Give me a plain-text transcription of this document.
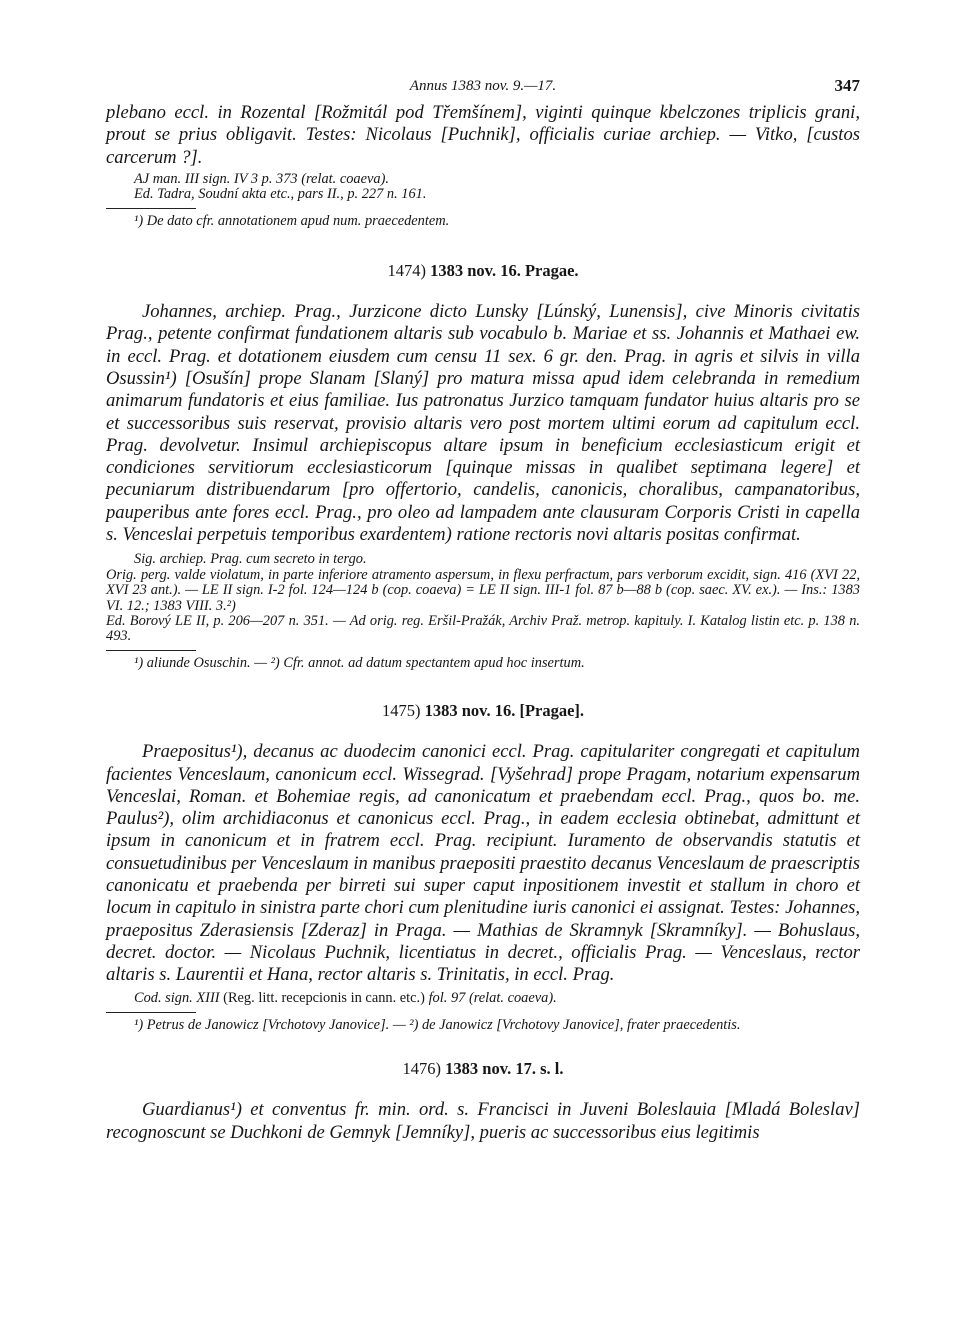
Annus 1383 nov. 9.—17.	347

plebano eccl. in Rozental [Rožmitál pod Třemšínem], viginti quinque kbelczones triplicis grani, prout se prius obligavit. Testes: Nicolaus [Puchnik], officialis curiae archiep. — Vitko, [custos carcerum ?].

AJ man. III sign. IV 3 p. 373 (relat. coaeva).

Ed. Tadra, Soudní akta etc., pars II., p. 227 n. 161.

¹) De dato cfr. annotationem apud num. praecedentem.

1474) 1383 nov. 16. Pragae.

Johannes, archiep. Prag., Jurzicone dicto Lunsky [Lúnský, Lunensis], cive Minoris civitatis Prag., petente confirmat fundationem altaris sub vocabulo b. Mariae et ss. Johannis et Mathaei ew. in eccl. Prag. et dotationem eiusdem cum censu 11 sex. 6 gr. den. Prag. in agris et silvis in villa Osussin¹) [Osušín] prope Slanam [Slaný] pro matura missa apud idem celebranda in remedium animarum fundatoris et eius familiae. Ius patronatus Jurzico tamquam fundator huius altaris pro se et successoribus suis reservat, provisio altaris vero post mortem ultimi eorum ad capitulum eccl. Prag. devolvetur. Insimul archiepiscopus altare ipsum in beneficium ecclesiasticum erigit et condiciones servitiorum ecclesiasticorum [quinque missas in qualibet septimana legere] et pecuniarum distribuendarum [pro offertorio, candelis, canonicis, choralibus, campanatoribus, pauperibus ante fores eccl. Prag., pro oleo ad lampadem ante clausuram Corporis Cristi in capella s. Venceslai perpetuis temporibus exardentem) ratione rectoris novi altaris positas confirmat.

Sig. archiep. Prag. cum secreto in tergo.

Orig. perg. valde violatum, in parte inferiore atramento aspersum, in flexu perfractum, pars verborum excidit, sign. 416 (XVI 22, XVI 23 ant.). — LE II sign. I-2 fol. 124—124 b (cop. coaeva) = LE II sign. III-1 fol. 87 b—88 b (cop. saec. XV. ex.). — Ins.: 1383 VI. 12.; 1383 VIII. 3.²)

Ed. Borový LE II, p. 206—207 n. 351. — Ad orig. reg. Eršil-Pražák, Archiv Praž. metrop. kapituly. I. Katalog listin etc. p. 138 n. 493.

¹) aliunde Osuschin. — ²) Cfr. annot. ad datum spectantem apud hoc insertum.

1475) 1383 nov. 16. [Pragae].

Praepositus¹), decanus ac duodecim canonici eccl. Prag. capitulariter congregati et capitulum facientes Venceslaum, canonicum eccl. Wissegrad. [Vyšehrad] prope Pragam, notarium expensarum Venceslai, Roman. et Bohemiae regis, ad canonicatum et praebendam eccl. Prag., quos bo. me. Paulus²), olim archidiaconus et canonicus eccl. Prag., in eadem ecclesia obtinebat, admittunt et ipsum in canonicum et in fratrem eccl. Prag. recipiunt. Iuramento de observandis statutis et consuetudinibus per Venceslaum in manibus praepositi praestito decanus Venceslaum de praescriptis canonicatu et praebenda per birreti sui super caput inpositionem investit et stallum in choro et locum in capitulo in sinistra parte chori cum plenitudine iuris canonici ei assignat. Testes: Johannes, praepositus Zderasiensis [Zderaz] in Praga. — Mathias de Skramnyk [Skramníky]. — Bohuslaus, decret. doctor. — Nicolaus Puchnik, licentiatus in decret., officialis Prag. — Venceslaus, rector altaris s. Laurentii et Hana, rector altaris s. Trinitatis, in eccl. Prag.

Cod. sign. XIII (Reg. litt. recepcionis in cann. etc.) fol. 97 (relat. coaeva).

¹) Petrus de Janowicz [Vrchotovy Janovice]. — ²) de Janowicz [Vrchotovy Janovice], frater praecedentis.

1476) 1383 nov. 17. s. l.

Guardianus¹) et conventus fr. min. ord. s. Francisci in Juveni Boleslauia [Mladá Boleslav] recognoscunt se Duchkoni de Gemnyk [Jemníky], pueris ac successoribus eius legitimis
